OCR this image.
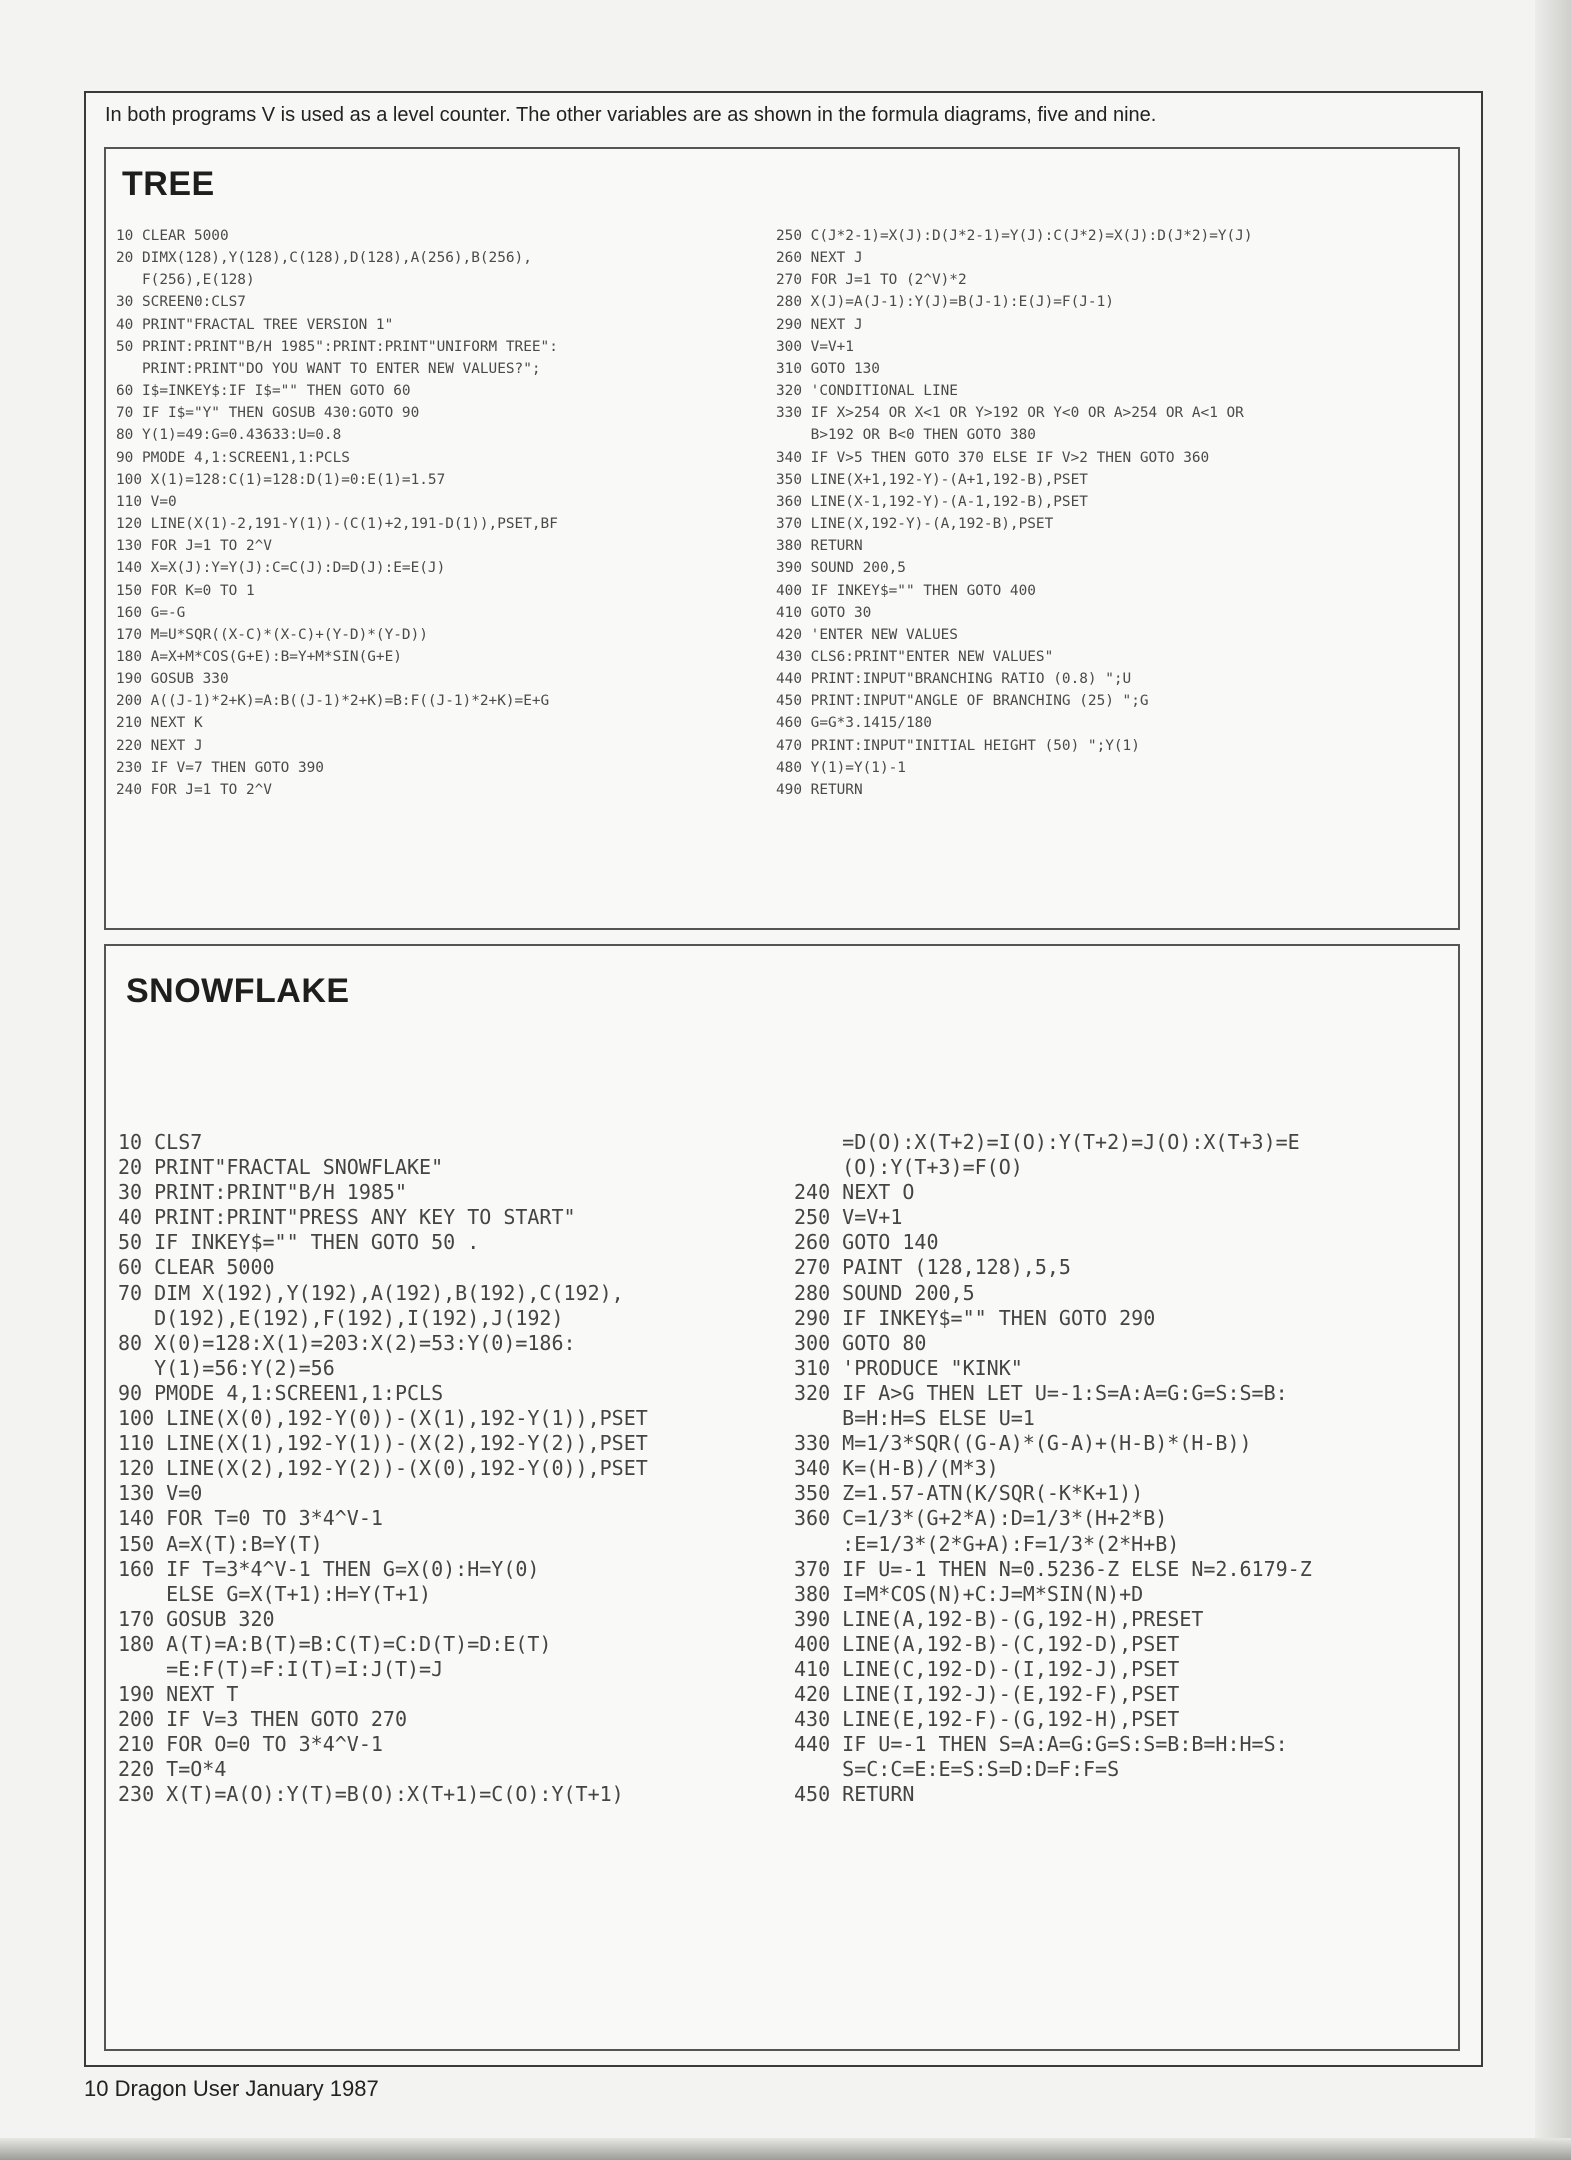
In both programs V is used as a level counter. The other variables are as shown in the formula diagrams, five and nine.
TREE
10 CLEAR 5000
20 DIMX(128),Y(128),C(128),D(128),A(256),B(256),
F(256),E(128)
30 SCREEN0:CLS7
40 PRINT"FRACTAL TREE VERSION 1"
50 PRINT:PRINT"B/H 1985":PRINT:PRINT"UNIFORM TREE":
PRINT:PRINT"DO YOU WANT TO ENTER NEW VALUES?";
60 I$=INKEY$:IF I$="" THEN GOTO 60
70 IF I$="Y" THEN GOSUB 430:GOTO 90
80 Y(1)=49:G=0.43633:U=0.8
90 PMODE 4,1:SCREEN1,1:PCLS
100 X(1)=128:C(1)=128:D(1)=0:E(1)=1.57
110 V=0
120 LINE(X(1)-2,191-Y(1))-(C(1)+2,191-D(1)),PSET,BF
130 FOR J=1 TO 2^V
140 X=X(J):Y=Y(J):C=C(J):D=D(J):E=E(J)
150 FOR K=0 TO 1
160 G=-G
170 M=U*SQR((X-C)*(X-C)+(Y-D)*(Y-D))
180 A=X+M*COS(G+E):B=Y+M*SIN(G+E)
190 GOSUB 330
200 A((J-1)*2+K)=A:B((J-1)*2+K)=B:F((J-1)*2+K)=E+G
210 NEXT K
220 NEXT J
230 IF V=7 THEN GOTO 390
240 FOR J=1 TO 2^V
250 C(J*2-1)=X(J):D(J*2-1)=Y(J):C(J*2)=X(J):D(J*2)=Y(J)
260 NEXT J
270 FOR J=1 TO (2^V)*2
280 X(J)=A(J-1):Y(J)=B(J-1):E(J)=F(J-1)
290 NEXT J
300 V=V+1
310 GOTO 130
320 'CONDITIONAL LINE
330 IF X>254 OR X<1 OR Y>192 OR Y<0 OR A>254 OR A<1 OR
B>192 OR B<0 THEN GOTO 380
340 IF V>5 THEN GOTO 370 ELSE IF V>2 THEN GOTO 360
350 LINE(X+1,192-Y)-(A+1,192-B),PSET
360 LINE(X-1,192-Y)-(A-1,192-B),PSET
370 LINE(X,192-Y)-(A,192-B),PSET
380 RETURN
390 SOUND 200,5
400 IF INKEY$="" THEN GOTO 400
410 GOTO 30
420 'ENTER NEW VALUES
430 CLS6:PRINT"ENTER NEW VALUES"
440 PRINT:INPUT"BRANCHING RATIO (0.8) ";U
450 PRINT:INPUT"ANGLE OF BRANCHING (25) ";G
460 G=G*3.1415/180
470 PRINT:INPUT"INITIAL HEIGHT (50) ";Y(1)
480 Y(1)=Y(1)-1
490 RETURN
SNOWFLAKE
10 CLS7
20 PRINT"FRACTAL SNOWFLAKE"
30 PRINT:PRINT"B/H 1985"
40 PRINT:PRINT"PRESS ANY KEY TO START"
50 IF INKEY$="" THEN GOTO 50 .
60 CLEAR 5000
70 DIM X(192),Y(192),A(192),B(192),C(192),
D(192),E(192),F(192),I(192),J(192)
80 X(0)=128:X(1)=203:X(2)=53:Y(0)=186:
Y(1)=56:Y(2)=56
90 PMODE 4,1:SCREEN1,1:PCLS
100 LINE(X(0),192-Y(0))-(X(1),192-Y(1)),PSET
110 LINE(X(1),192-Y(1))-(X(2),192-Y(2)),PSET
120 LINE(X(2),192-Y(2))-(X(0),192-Y(0)),PSET
130 V=0
140 FOR T=0 TO 3*4^V-1
150 A=X(T):B=Y(T)
160 IF T=3*4^V-1 THEN G=X(0):H=Y(0)
ELSE G=X(T+1):H=Y(T+1)
170 GOSUB 320
180 A(T)=A:B(T)=B:C(T)=C:D(T)=D:E(T)
=E:F(T)=F:I(T)=I:J(T)=J
190 NEXT T
200 IF V=3 THEN GOTO 270
210 FOR O=0 TO 3*4^V-1
220 T=O*4
230 X(T)=A(O):Y(T)=B(O):X(T+1)=C(O):Y(T+1)
=D(O):X(T+2)=I(O):Y(T+2)=J(O):X(T+3)=E
(O):Y(T+3)=F(O)
240 NEXT O
250 V=V+1
260 GOTO 140
270 PAINT (128,128),5,5
280 SOUND 200,5
290 IF INKEY$="" THEN GOTO 290
300 GOTO 80
310 'PRODUCE "KINK"
320 IF A>G THEN LET U=-1:S=A:A=G:G=S:S=B:
B=H:H=S ELSE U=1
330 M=1/3*SQR((G-A)*(G-A)+(H-B)*(H-B))
340 K=(H-B)/(M*3)
350 Z=1.57-ATN(K/SQR(-K*K+1))
360 C=1/3*(G+2*A):D=1/3*(H+2*B)
:E=1/3*(2*G+A):F=1/3*(2*H+B)
370 IF U=-1 THEN N=0.5236-Z ELSE N=2.6179-Z
380 I=M*COS(N)+C:J=M*SIN(N)+D
390 LINE(A,192-B)-(G,192-H),PRESET
400 LINE(A,192-B)-(C,192-D),PSET
410 LINE(C,192-D)-(I,192-J),PSET
420 LINE(I,192-J)-(E,192-F),PSET
430 LINE(E,192-F)-(G,192-H),PSET
440 IF U=-1 THEN S=A:A=G:G=S:S=B:B=H:H=S:
S=C:C=E:E=S:S=D:D=F:F=S
450 RETURN
10 Dragon User January 1987
